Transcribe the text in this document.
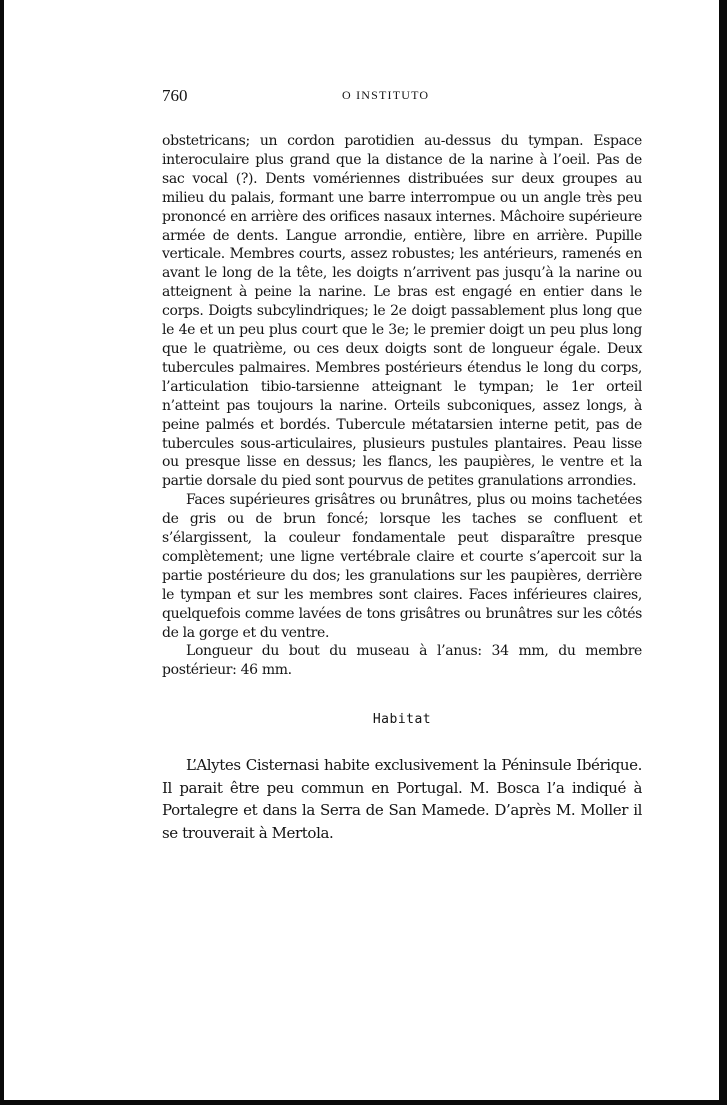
760	O INSTITUTO

obstetricans; un cordon parotidien au-dessus du tympan. Espace interoculaire plus grand que la distance de la narine à l’oeil. Pas de sac vocal (?). Dents vomériennes distribuées sur deux groupes au milieu du palais, formant une barre interrompue ou un angle très peu prononcé en arrière des orifices nasaux internes. Mâchoire supérieure armée de dents. Langue arrondie, entière, libre en arrière. Pupille verticale. Membres courts, assez robustes; les antérieurs, ramenés en avant le long de la tête, les doigts n’arrivent pas jusqu’à la narine ou atteignent à peine la narine. Le bras est engagé en entier dans le corps. Doigts subcylindriques; le 2e doigt passablement plus long que le 4e et un peu plus court que le 3e; le premier doigt un peu plus long que le quatrième, ou ces deux doigts sont de longueur égale. Deux tubercules palmaires. Membres postérieurs étendus le long du corps, l’articulation tibio-tarsienne atteignant le tympan; le 1er orteil n’atteint pas toujours la narine. Orteils subconiques, assez longs, à peine palmés et bordés. Tubercule métatarsien interne petit, pas de tubercules sous-articulaires, plusieurs pustules plantaires. Peau lisse ou presque lisse en dessus; les flancs, les paupières, le ventre et la partie dorsale du pied sont pourvus de petites granulations arrondies.

Faces supérieures grisâtres ou brunâtres, plus ou moins tachetées de gris ou de brun foncé; lorsque les taches se confluent et s’élargissent, la couleur fondamentale peut disparaître presque complètement; une ligne vertébrale claire et courte s’apercoit sur la partie postérieure du dos; les granulations sur les paupières, derrière le tympan et sur les membres sont claires. Faces inférieures claires, quelquefois comme lavées de tons grisâtres ou brunâtres sur les côtés de la gorge et du ventre.

Longueur du bout du museau à l’anus: 34 mm, du membre postérieur: 46 mm.

Habitat

L’Alytes Cisternasi habite exclusivement la Péninsule Ibérique. Il parait être peu commun en Portugal. M. Bosca l’a indiqué à Portalegre et dans la Serra de San Mamede. D’après M. Moller il se trouverait à Mertola.
